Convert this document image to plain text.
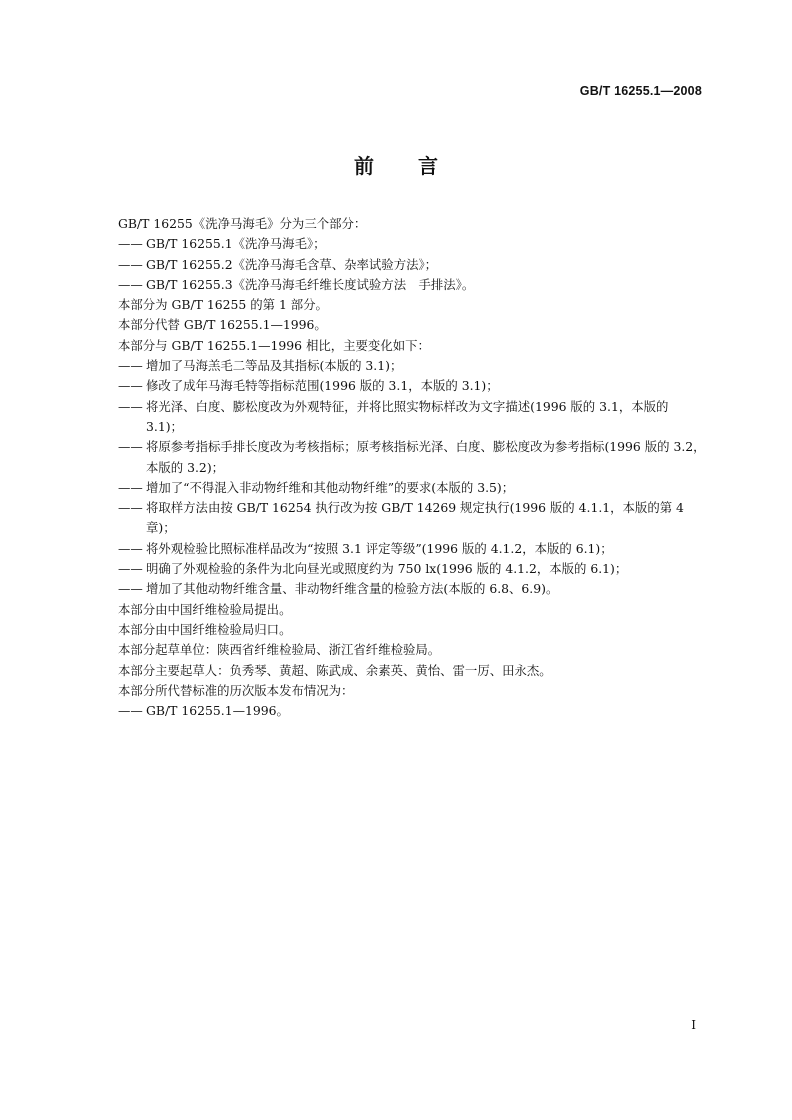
GB/T 16255.1—2008
前言
GB/T 16255《洗净马海毛》分为三个部分：
—— GB/T 16255.1《洗净马海毛》；
—— GB/T 16255.2《洗净马海毛含草、杂率试验方法》；
—— GB/T 16255.3《洗净马海毛纤维长度试验方法　手排法》。
本部分为 GB/T 16255 的第 1 部分。
本部分代替 GB/T 16255.1—1996。
本部分与 GB/T 16255.1—1996 相比，主要变化如下：
—— 增加了马海羔毛二等品及其指标(本版的 3.1)；
—— 修改了成年马海毛特等指标范围(1996 版的 3.1，本版的 3.1)；
—— 将光泽、白度、膨松度改为外观特征，并将比照实物标样改为文字描述(1996 版的 3.1，本版的 3.1)；
—— 将原参考指标手排长度改为考核指标；原考核指标光泽、白度、膨松度改为参考指标(1996 版的 3.2，本版的 3.2)；
—— 增加了“不得混入非动物纤维和其他动物纤维”的要求(本版的 3.5)；
—— 将取样方法由按 GB/T 16254 执行改为按 GB/T 14269 规定执行(1996 版的 4.1.1，本版的第 4 章)；
—— 将外观检验比照标准样品改为“按照 3.1 评定等级”(1996 版的 4.1.2，本版的 6.1)；
—— 明确了外观检验的条件为北向昼光或照度约为 750 lx(1996 版的 4.1.2，本版的 6.1)；
—— 增加了其他动物纤维含量、非动物纤维含量的检验方法(本版的 6.8、6.9)。
本部分由中国纤维检验局提出。
本部分由中国纤维检验局归口。
本部分起草单位：陕西省纤维检验局、浙江省纤维检验局。
本部分主要起草人：负秀琴、黄超、陈武成、余素英、黄怡、雷一厉、田永杰。
本部分所代替标准的历次版本发布情况为：
—— GB/T 16255.1—1996。
I
